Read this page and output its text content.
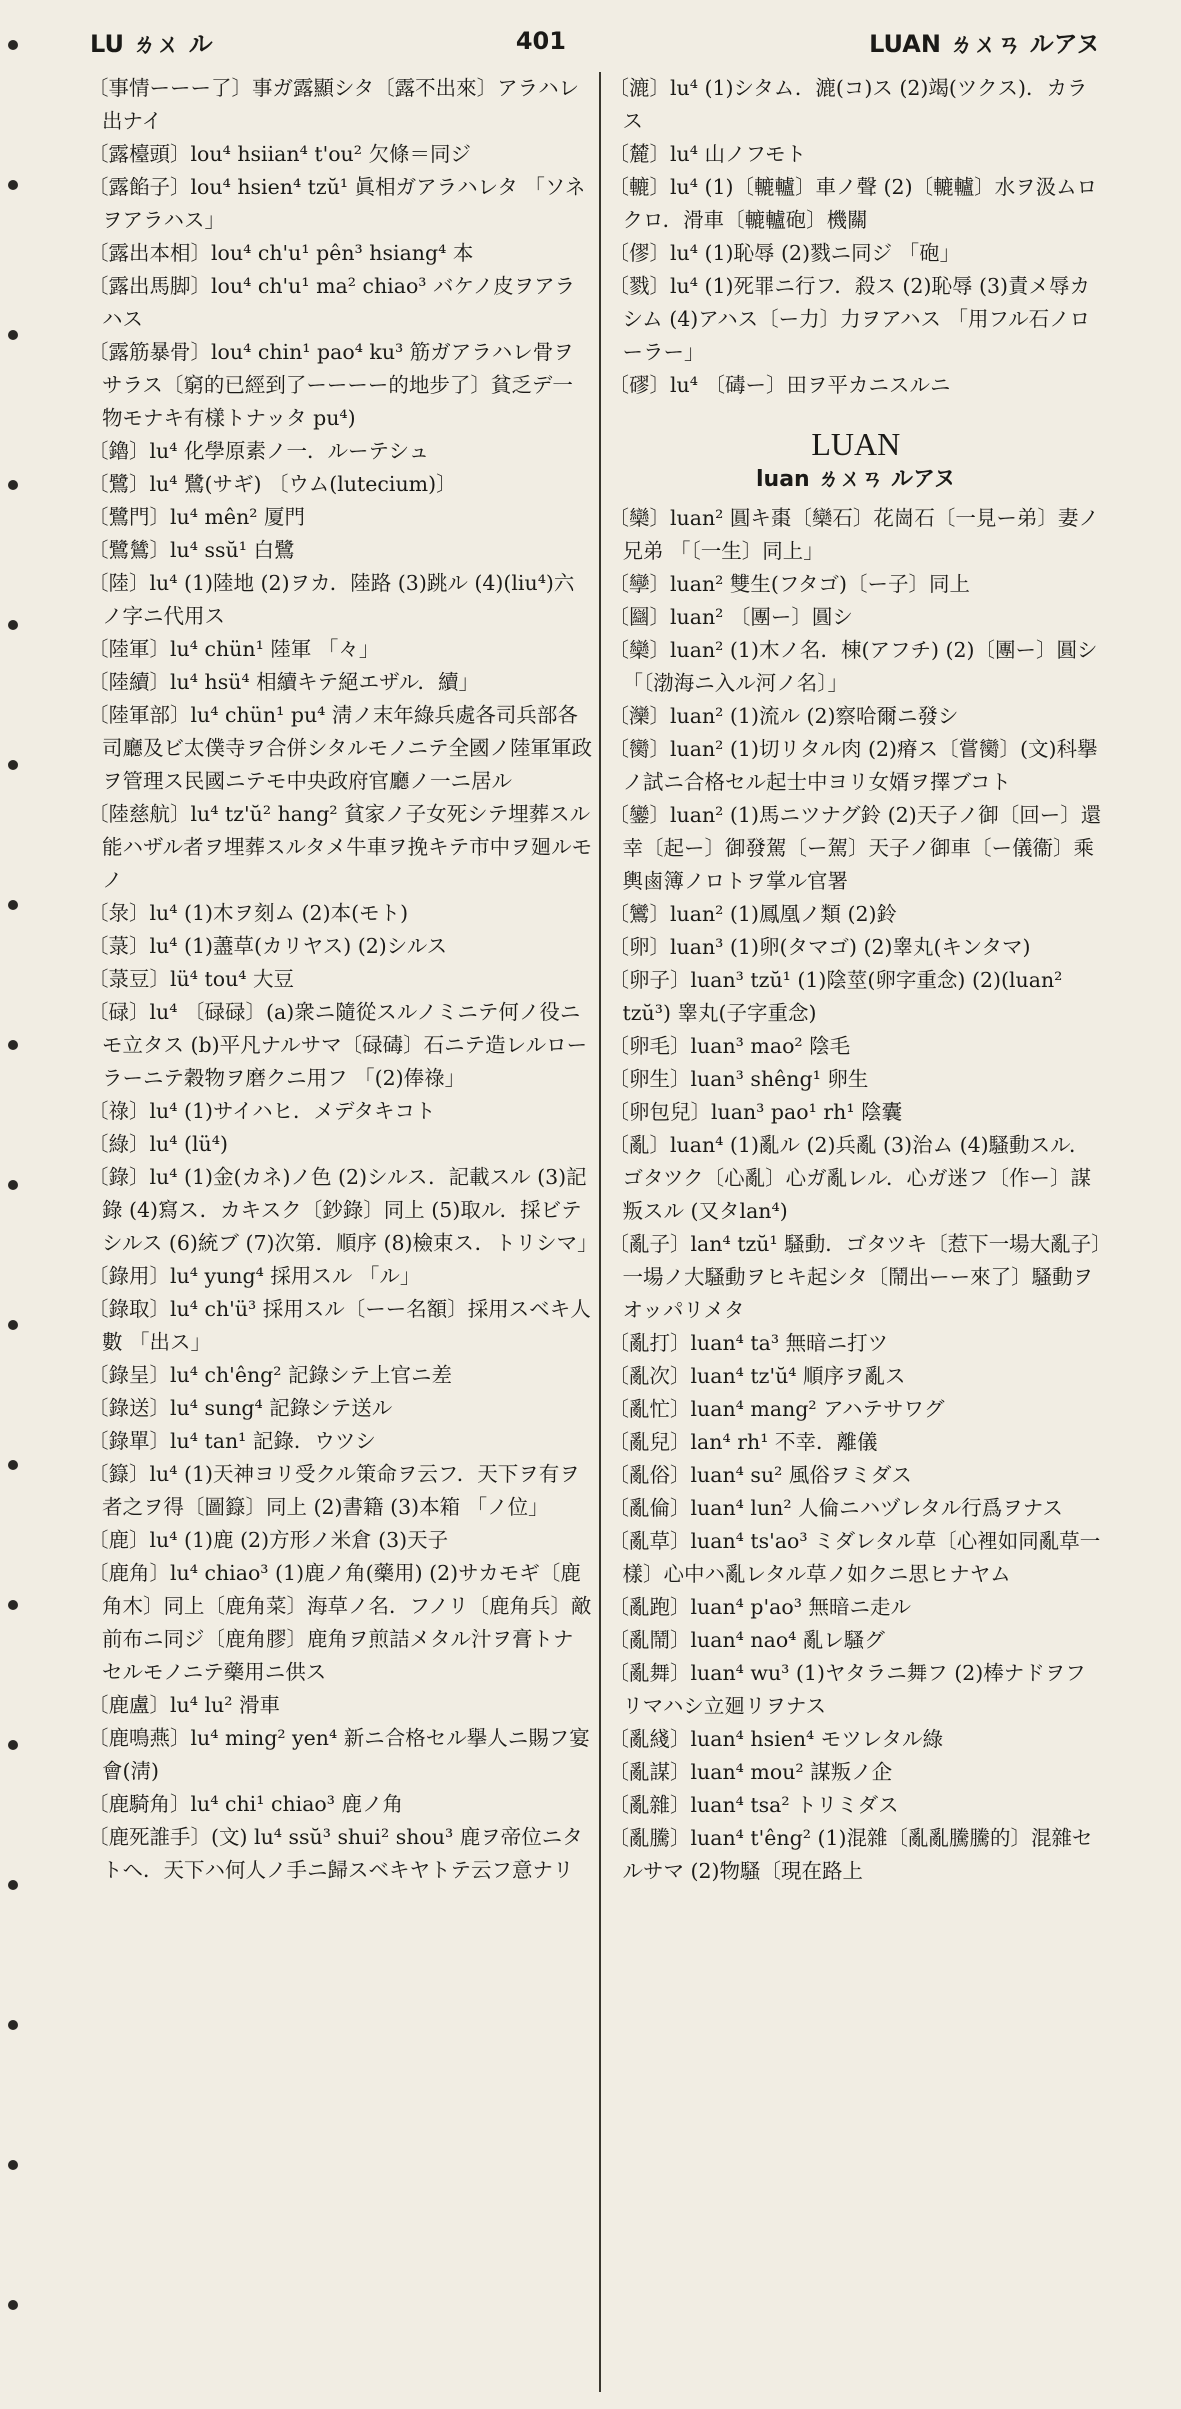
LU ㄌㄨ ル	401	LUAN ㄌㄨㄢ ルアヌ

〔事情ーーー了〕事ガ露顯シタ〔露不出來〕アラハレ出ナイ

〔露檯頭〕lou⁴ hsiian⁴ t'ou² 欠條＝同ジ

〔露餡子〕lou⁴ hsien⁴ tzŭ¹ 眞相ガアラハレタ 「ソネヲアラハス」

〔露出本相〕lou⁴ ch'u¹ pên³ hsiang⁴ 本

〔露出馬脚〕lou⁴ ch'u¹ ma² chiao³ バケノ皮ヲアラハス

〔露筋暴骨〕lou⁴ chin¹ pao⁴ ku³ 筋ガアラハレ骨ヲサラス〔窮的已經到了ーーーー的地步了〕貧乏デ一物モナキ有樣トナッタ pu⁴)

〔鑥〕lu⁴ 化學原素ノ一．ルーテシュ

〔鷺〕lu⁴ 鷺(サギ) 〔ウム(lutecium)〕

〔鷺門〕lu⁴ mên² 厦門

〔鷺鷥〕lu⁴ ssŭ¹ 白鷺

〔陸〕lu⁴ (1)陸地 (2)ヲカ．陸路 (3)跳ル (4)(liu⁴)六ノ字ニ代用ス

〔陸軍〕lu⁴ chün¹ 陸軍 「々」

〔陸續〕lu⁴ hsü⁴ 相續キテ絕エザル．續」

〔陸軍部〕lu⁴ chün¹ pu⁴ 淸ノ末年綠兵處各司兵部各司廳及ビ太僕寺ヲ合併シタルモノニテ全國ノ陸軍軍政ヲ管理ス民國ニテモ中央政府官廳ノ一ニ居ル

〔陸慈航〕lu⁴ tz'ŭ² hang² 貧家ノ子女死シテ埋葬スル能ハザル者ヲ埋葬スルタメ牛車ヲ挽キテ市中ヲ廻ルモノ

〔彔〕lu⁴ (1)木ヲ刻ム (2)本(モト)

〔菉〕lu⁴ (1)藎草(カリヤス) (2)シルス

〔菉豆〕lü⁴ tou⁴ 大豆

〔碌〕lu⁴ 〔碌碌〕(a)衆ニ隨從スルノミニテ何ノ役ニモ立タス (b)平凡ナルサマ〔碌碡〕石ニテ造レルローラーニテ穀物ヲ磨クニ用フ 「(2)俸祿」

〔祿〕lu⁴ (1)サイハヒ．メデタキコト

〔綠〕lu⁴ (lü⁴)

〔錄〕lu⁴ (1)金(カネ)ノ色 (2)シルス．記載スル (3)記錄 (4)寫ス．カキスク〔鈔錄〕同上 (5)取ル．採ビテシルス (6)統ブ (7)次第．順序 (8)檢束ス．トリシマ」

〔錄用〕lu⁴ yung⁴ 採用スル 「ル」

〔錄取〕lu⁴ ch'ü³ 採用スル〔ーー名額〕採用スベキ人數 「出ス」

〔錄呈〕lu⁴ ch'êng² 記錄シテ上官ニ差

〔錄送〕lu⁴ sung⁴ 記錄シテ送ル

〔錄單〕lu⁴ tan¹ 記錄．ウツシ

〔籙〕lu⁴ (1)天神ヨリ受クル策命ヲ云フ．天下ヲ有ヲ者之ヲ得〔圖籙〕同上 (2)書籍 (3)本箱 「ノ位」

〔鹿〕lu⁴ (1)鹿 (2)方形ノ米倉 (3)天子

〔鹿角〕lu⁴ chiao³ (1)鹿ノ角(藥用) (2)サカモギ〔鹿角木〕同上〔鹿角菜〕海草ノ名．フノリ〔鹿角兵〕敵前布ニ同ジ〔鹿角膠〕鹿角ヲ煎詰メタル汁ヲ膏トナセルモノニテ藥用ニ供ス

〔鹿盧〕lu⁴ lu² 滑車

〔鹿鳴燕〕lu⁴ ming² yen⁴ 新ニ合格セル擧人ニ賜フ宴會(淸)

〔鹿騎角〕lu⁴ chi¹ chiao³ 鹿ノ角

〔鹿死誰手〕(文) lu⁴ ssŭ³ shui² shou³ 鹿ヲ帝位ニタトヘ．天下ハ何人ノ手ニ歸スベキヤトテ云フ意ナリ

〔漉〕lu⁴ (1)シタム．漉(コ)ス (2)竭(ツクス)．カラス

〔麓〕lu⁴ 山ノフモト

〔轆〕lu⁴ (1)〔轆轤〕車ノ聲 (2)〔轆轤〕水ヲ汲ムロクロ．滑車〔轆轤砲〕機關

〔僇〕lu⁴ (1)恥辱 (2)戮ニ同ジ 「砲」

〔戮〕lu⁴ (1)死罪ニ行フ．殺ス (2)恥辱 (3)責メ辱カシム (4)アハス〔ー力〕力ヲアハス 「用フル石ノローラー」

〔磟〕lu⁴ 〔碡ー〕田ヲ平カニスルニ

LUAN
luan ㄌㄨㄢ ルアヌ

〔欒〕luan² 圓キ棗〔欒石〕花崗石〔一見ー弟〕妻ノ兄弟 「〔一生〕同上」

〔孿〕luan² 雙生(フタゴ)〔ー子〕同上

〔圝〕luan² 〔團ー〕圓シ

〔欒〕luan² (1)木ノ名．棟(アフチ) (2)〔團ー〕圓シ 「〔渤海ニ入ル河ノ名〕」

〔灤〕luan² (1)流ル (2)察哈爾ニ發シ

〔臠〕luan² (1)切リタル肉 (2)瘠ス〔嘗臠〕(文)科擧ノ試ニ合格セル起士中ヨリ女婿ヲ擇ブコト

〔鑾〕luan² (1)馬ニツナグ鈴 (2)天子ノ御〔回ー〕還幸〔起ー〕御發駕〔ー駕〕天子ノ御車〔ー儀衞〕乘輿鹵簿ノロトヲ掌ル官署

〔鸞〕luan² (1)鳳凰ノ類 (2)鈴

〔卵〕luan³ (1)卵(タマゴ) (2)睾丸(キンタマ)

〔卵子〕luan³ tzŭ¹ (1)陰莖(卵字重念) (2)(luan² tzŭ³) 睾丸(子字重念)

〔卵毛〕luan³ mao² 陰毛

〔卵生〕luan³ shêng¹ 卵生

〔卵包兒〕luan³ pao¹ rh¹ 陰囊

〔亂〕luan⁴ (1)亂ル (2)兵亂 (3)治ム (4)騷動スル．ゴタツク〔心亂〕心ガ亂レル．心ガ迷フ〔作ー〕謀叛スル (又タlan⁴)

〔亂子〕lan⁴ tzŭ¹ 騷動．ゴタツキ〔惹下一場大亂子〕一場ノ大騷動ヲヒキ起シタ〔鬧出ーー來了〕騷動ヲオッパリメタ

〔亂打〕luan⁴ ta³ 無暗ニ打ツ

〔亂次〕luan⁴ tz'ŭ⁴ 順序ヲ亂ス

〔亂忙〕luan⁴ mang² アハテサワグ

〔亂兒〕lan⁴ rh¹ 不幸．離儀

〔亂俗〕luan⁴ su² 風俗ヲミダス

〔亂倫〕luan⁴ lun² 人倫ニハヅレタル行爲ヲナス

〔亂草〕luan⁴ ts'ao³ ミダレタル草〔心裡如同亂草一樣〕心中ハ亂レタル草ノ如クニ思ヒナヤム

〔亂跑〕luan⁴ p'ao³ 無暗ニ走ル

〔亂鬧〕luan⁴ nao⁴ 亂レ騷グ

〔亂舞〕luan⁴ wu³ (1)ヤタラニ舞フ (2)棒ナドヲフリマハシ立廻リヲナス

〔亂綫〕luan⁴ hsien⁴ モツレタル綠

〔亂謀〕luan⁴ mou² 謀叛ノ企

〔亂雜〕luan⁴ tsa² トリミダス

〔亂騰〕luan⁴ t'êng² (1)混雜〔亂亂騰騰的〕混雜セルサマ (2)物騷〔現在路上
